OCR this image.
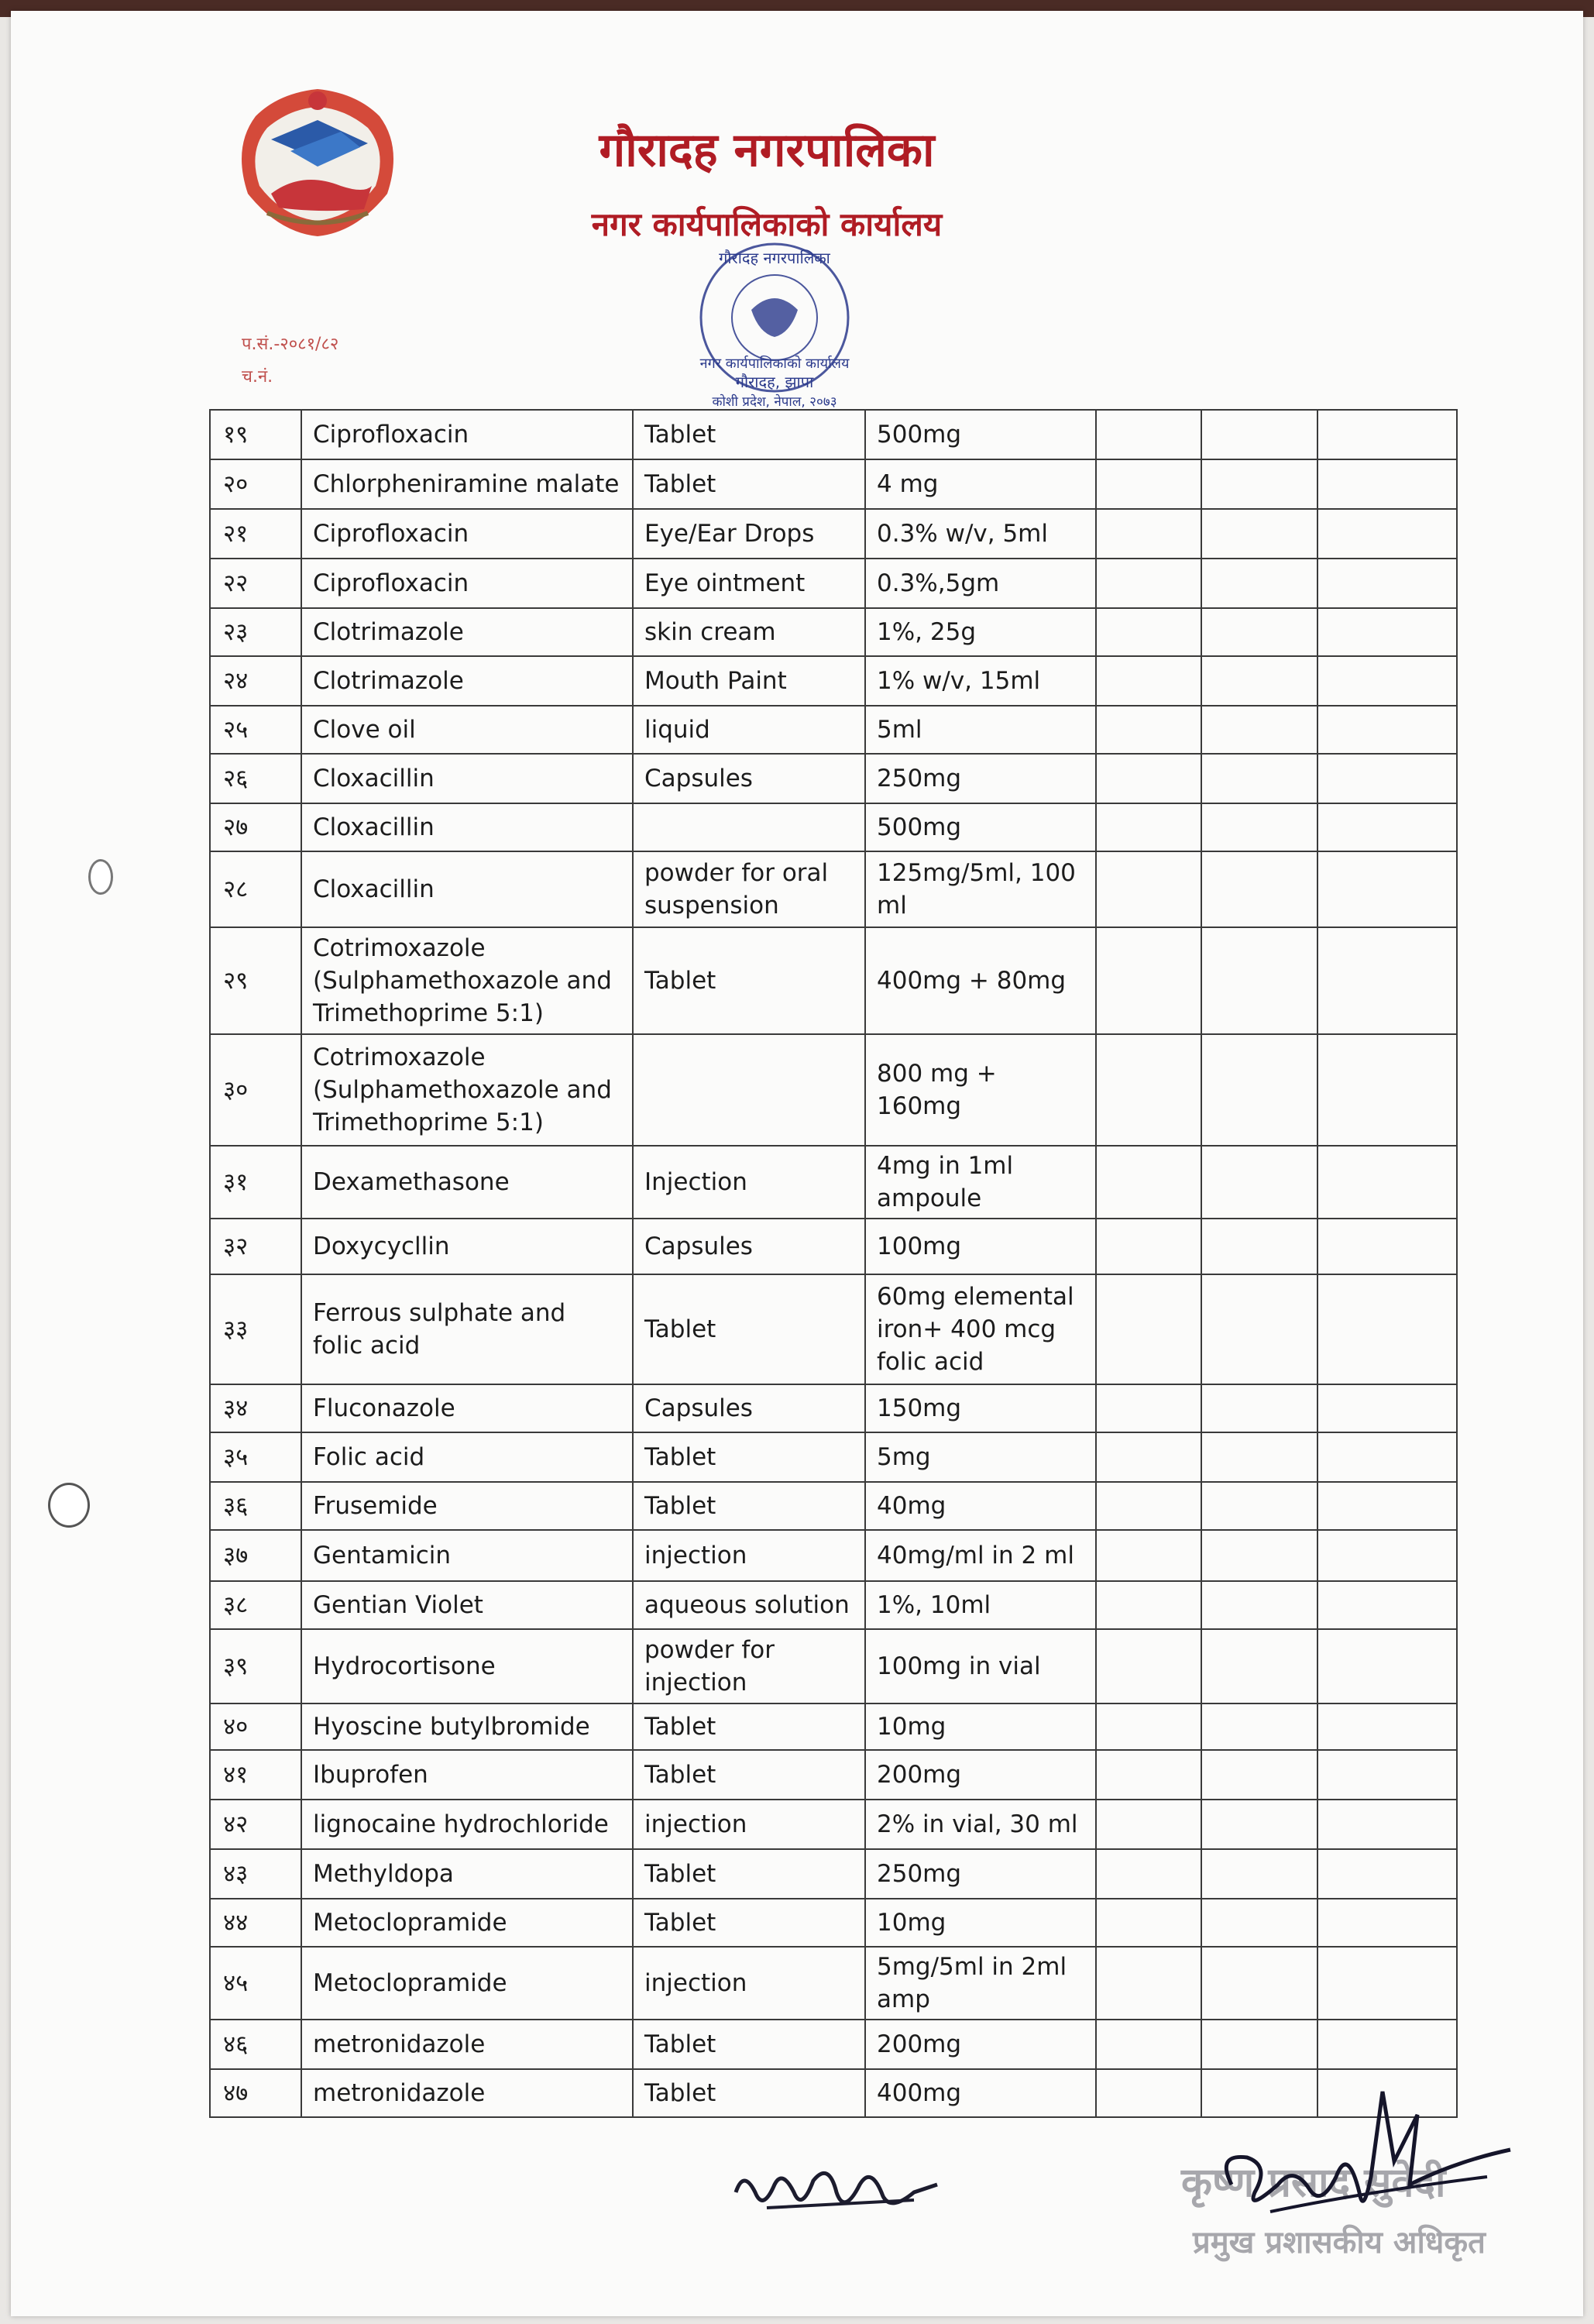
गौरादह नगरपालिका
नगर कार्यपालिकाको कार्यालय
गौरादह नगरपालिका
नगर कार्यपालिकाको कार्यालय
गौरादह, झापा
कोशी प्रदेश, नेपाल, २०७३
प.सं.-२०८१/८२
च.नं.
१९	Ciprofloxacin	Tablet	500mg			
२०	Chlorpheniramine malate	Tablet	4 mg			
२१	Ciprofloxacin	Eye/Ear Drops	0.3% w/v, 5ml			
२२	Ciprofloxacin	Eye ointment	0.3%,5gm			
२३	Clotrimazole	skin cream	1%, 25g			
२४	Clotrimazole	Mouth Paint	1% w/v, 15ml			
२५	Clove oil	liquid	5ml			
२६	Cloxacillin	Capsules	250mg			
२७	Cloxacillin		500mg			
२८	Cloxacillin	powder for oral suspension	125mg/5ml, 100 ml			
२९	Cotrimoxazole (Sulphamethoxazole and Trimethoprime 5:1)	Tablet	400mg + 80mg			
३०	Cotrimoxazole (Sulphamethoxazole and Trimethoprime 5:1)		800 mg + 160mg			
३१	Dexamethasone	Injection	4mg in 1ml ampoule			
३२	Doxycycllin	Capsules	100mg			
३३	Ferrous sulphate and folic acid	Tablet	60mg elemental iron+ 400 mcg folic acid			
३४	Fluconazole	Capsules	150mg			
३५	Folic acid	Tablet	5mg			
३६	Frusemide	Tablet	40mg			
३७	Gentamicin	injection	40mg/ml in 2 ml			
३८	Gentian Violet	aqueous solution	1%, 10ml			
३९	Hydrocortisone	powder for injection	100mg in vial			
४०	Hyoscine butylbromide	Tablet	10mg			
४१	Ibuprofen	Tablet	200mg			
४२	lignocaine hydrochloride	injection	2% in vial, 30 ml			
४३	Methyldopa	Tablet	250mg			
४४	Metoclopramide	Tablet	10mg			
४५	Metoclopramide	injection	5mg/5ml in 2ml amp			
४६	metronidazole	Tablet	200mg			
४७	metronidazole	Tablet	400mg			
कृष्ण प्रसाद सुवेदी
प्रमुख प्रशासकीय अधिकृत
